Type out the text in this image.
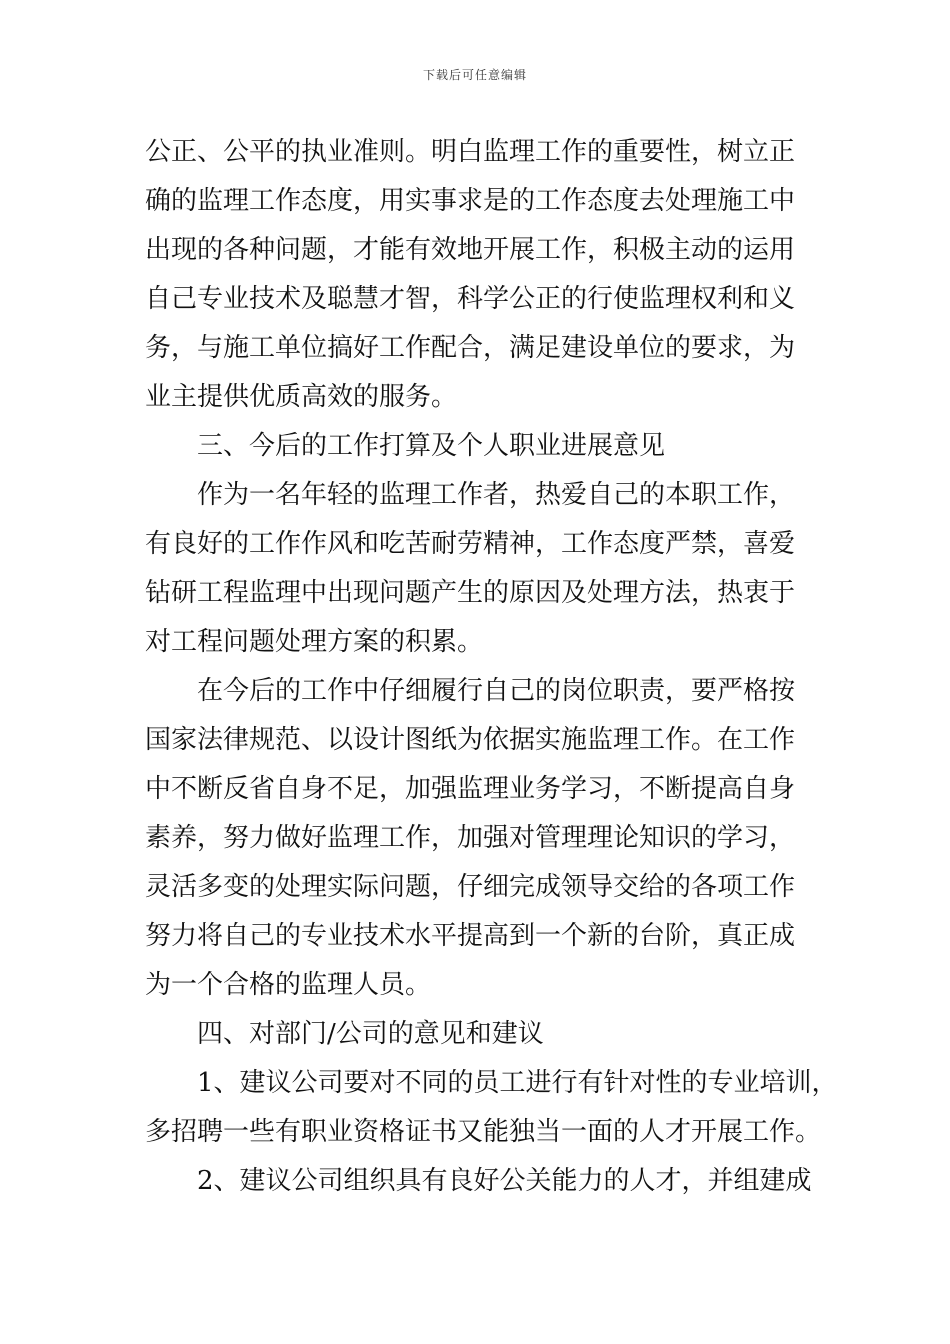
下载后可任意编辑
公正、公平的执业准则。明白监理工作的重要性，树立正
确的监理工作态度，用实事求是的工作态度去处理施工中
出现的各种问题，才能有效地开展工作，积极主动的运用
自己专业技术及聪慧才智，科学公正的行使监理权利和义
务，与施工单位搞好工作配合，满足建设单位的要求，为
业主提供优质高效的服务。
三、今后的工作打算及个人职业进展意见
作为一名年轻的监理工作者，热爱自己的本职工作，
有良好的工作作风和吃苦耐劳精神，工作态度严禁，喜爱
钻研工程监理中出现问题产生的原因及处理方法，热衷于
对工程问题处理方案的积累。
在今后的工作中仔细履行自己的岗位职责，要严格按
国家法律规范、以设计图纸为依据实施监理工作。在工作
中不断反省自身不足，加强监理业务学习，不断提高自身
素养，努力做好监理工作，加强对管理理论知识的学习，
灵活多变的处理实际问题，仔细完成领导交给的各项工作
努力将自己的专业技术水平提高到一个新的台阶，真正成
为一个合格的监理人员。
四、对部门/公司的意见和建议
1、建议公司要对不同的员工进行有针对性的专业培训，
多招聘一些有职业资格证书又能独当一面的人才开展工作。
2、建议公司组织具有良好公关能力的人才，并组建成
